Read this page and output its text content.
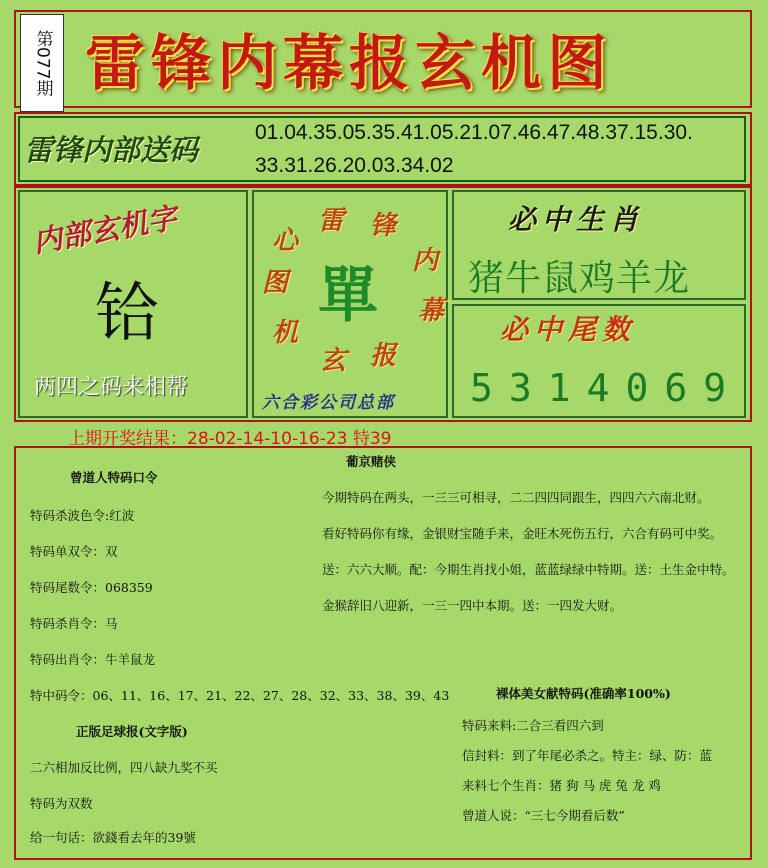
第077期 雷锋内幕报玄机图
雷锋内部送码
01.04.35.05.35.41.05.21.07.46.47.48.37.15.30.
33.31.26.20.03.34.02
内部玄机字
铪
两四之码来相帮
雷 锋
内
幕
报
玄
机
图
心
單
六合彩公司总部
必中生肖
猪牛鼠鸡羊龙
必中尾数
5314069
上期开奖结果：28-02-14-10-16-23 特39
曾道人特码口令
特码杀波色令:红波
特码单双令：双
特码尾数令：068359
特码杀肖令：马
特码出肖令：牛羊鼠龙
特中码令：06、11、16、17、21、22、27、28、32、33、38、39、43
正版足球报(文字版)
二六相加反比例，四八缺九奖不买
特码为双数
给一句话：欲錢看去年的39號
葡京赌侠
今期特码在两头，一三三可相寻，二二四四同跟生，四四六六南北财。
看好特码你有缘，金银财宝随手来，金旺木死伤五行，六合有码可中奖。
送：六六大顺。配：今期生肖找小姐，蓝蓝绿绿中特期。送：土生金中特。
金猴辞旧八迎新，一三一四中本期。送：一四发大财。
裸体美女献特码(准确率100%)
特码来料:二合三看四六到
信封料：到了年尾必杀之。特主：绿、防：蓝
来料七个生肖：猪 狗 马 虎 兔 龙 鸡
曾道人说：“三七今期看后数”
